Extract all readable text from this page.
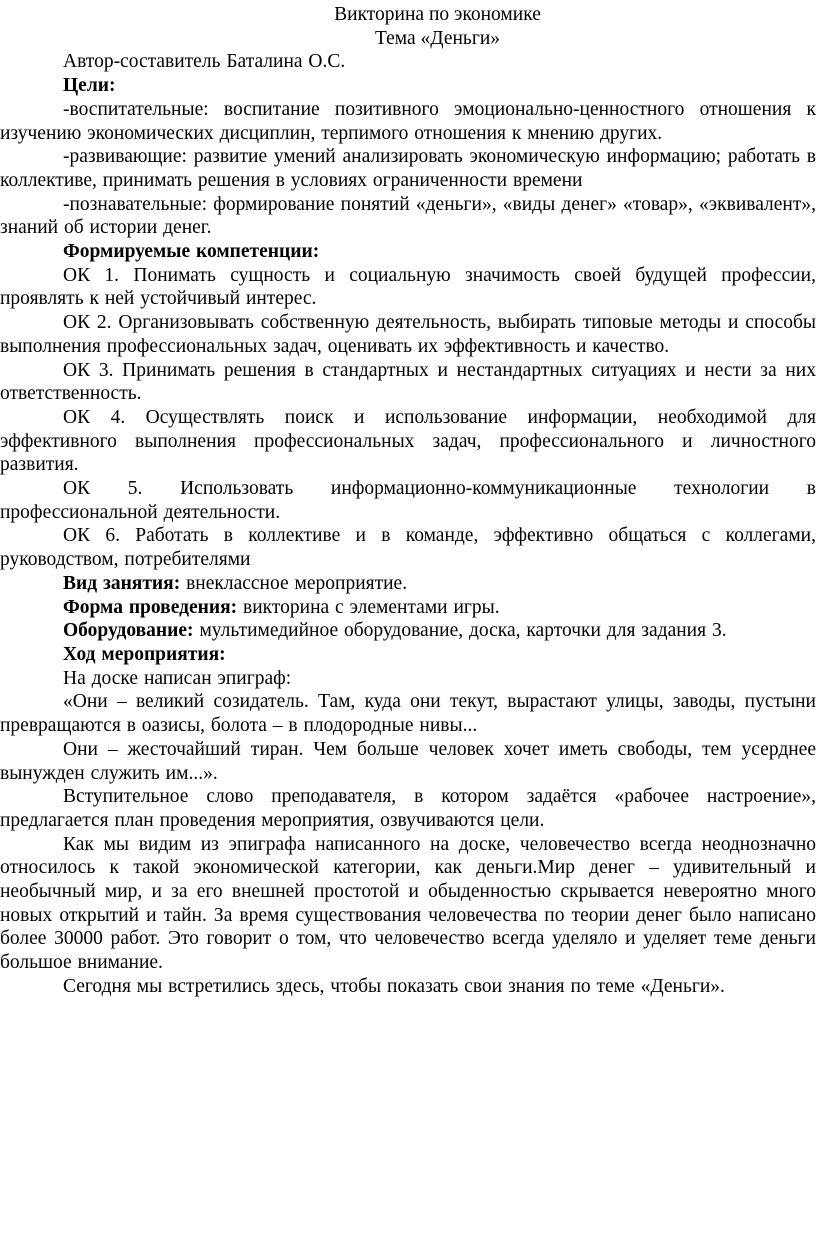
Викторина по экономике

Тема «Деньги»

Автор-составитель Баталина О.С.

Цели:

-воспитательные: воспитание позитивного эмоционально-ценностного отношения к изучению экономических дисциплин, терпимого отношения к мнению других.

-развивающие: развитие умений анализировать экономическую информацию; работать в коллективе, принимать решения в условиях ограниченности времени

-познавательные: формирование понятий «деньги», «виды денег» «товар», «эквивалент», знаний об истории денег.

Формируемые компетенции:

ОК 1. Понимать сущность и социальную значимость своей будущей профессии, проявлять к ней устойчивый интерес.

ОК 2. Организовывать собственную деятельность, выбирать типовые методы и способы выполнения профессиональных задач, оценивать их эффективность и качество.

ОК 3. Принимать решения в стандартных и нестандартных ситуациях и нести за них ответственность.

ОК 4. Осуществлять поиск и использование информации, необходимой для эффективного выполнения профессиональных задач, профессионального и личностного развития.

ОК 5. Использовать информационно-коммуникационные технологии в профессиональной деятельности.

ОК 6. Работать в коллективе и в команде, эффективно общаться с коллегами, руководством, потребителями

Вид занятия: внеклассное мероприятие.

Форма проведения: викторина с элементами игры.

Оборудование: мультимедийное оборудование, доска, карточки для задания 3.

Ход мероприятия:

На доске написан эпиграф:

«Они – великий созидатель. Там, куда они текут, вырастают улицы, заводы, пустыни превращаются в оазисы, болота – в плодородные нивы...

Они – жесточайший тиран. Чем больше человек хочет иметь свободы, тем усерднее вынужден служить им...».

Вступительное слово преподавателя, в котором задаётся «рабочее настроение», предлагается план проведения мероприятия, озвучиваются цели.

Как мы видим из эпиграфа написанного на доске, человечество всегда неоднозначно относилось к такой экономической категории, как деньги.Мир денег – удивительный и необычный мир, и за его внешней простотой и обыденностью скрывается невероятно много новых открытий и тайн. За время существования человечества по теории денег было написано более 30000 работ. Это говорит о том, что человечество всегда уделяло и уделяет теме деньги большое внимание.

Сегодня мы встретились здесь, чтобы показать свои знания по теме «Деньги».
